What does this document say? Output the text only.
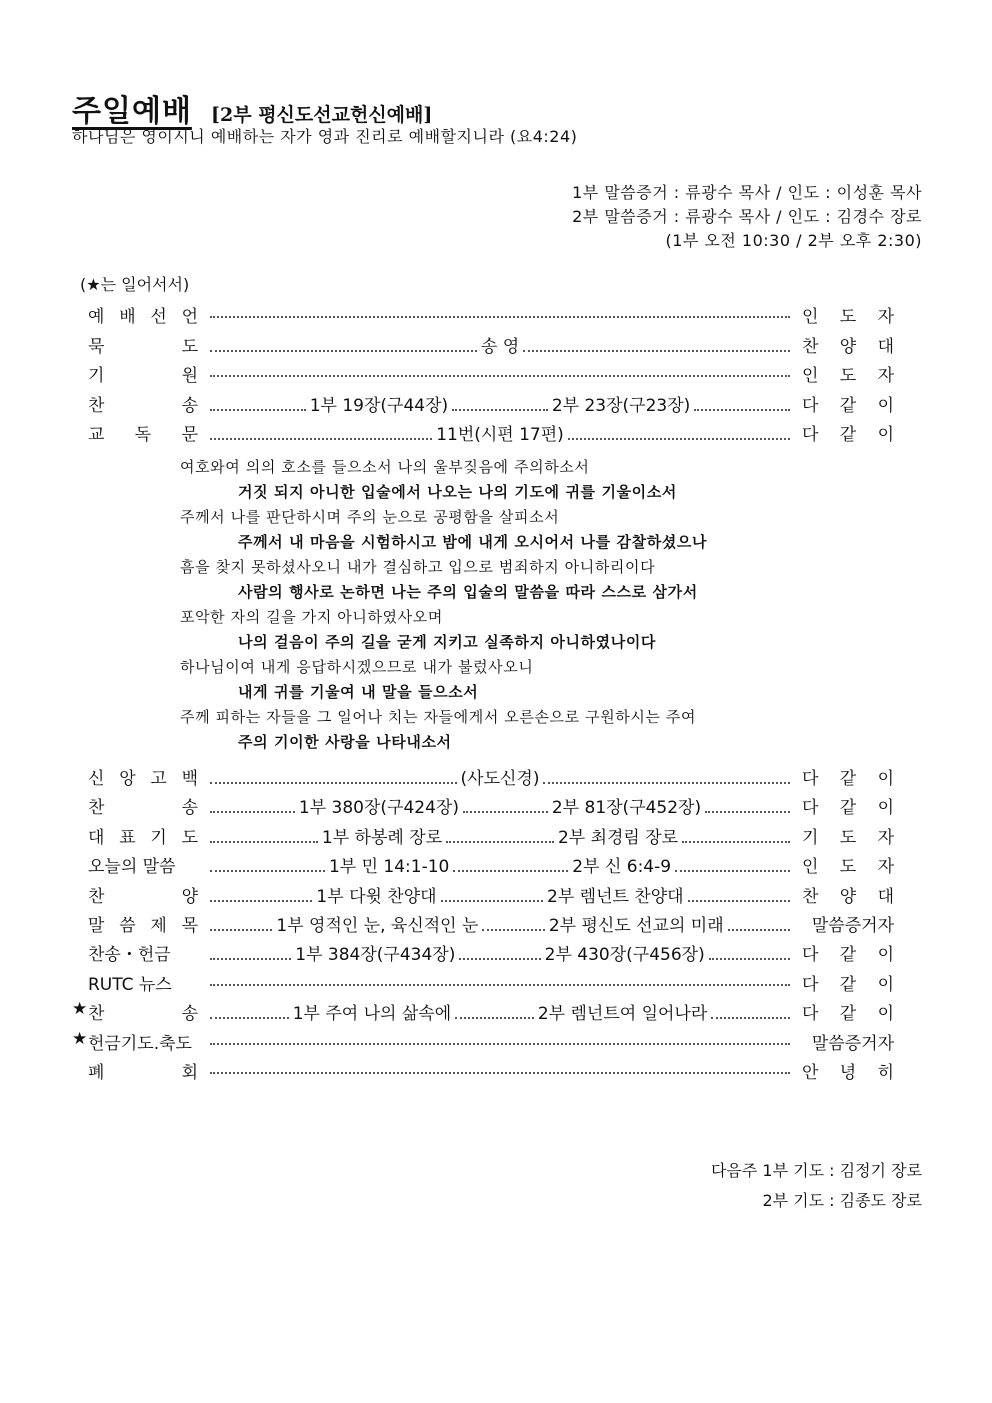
주일예배 [2부 평신도선교헌신예배]
하나님은 영이시니 예배하는 자가 영과 진리로 예배할지니라 (요4:24)
1부 말씀증거 : 류광수 목사 / 인도 : 이성훈 목사
2부 말씀증거 : 류광수 목사 / 인도 : 김경수 장로
(1부 오전 10:30 / 2부 오후 2:30)
(★는 일어서서)
예 배 선 언	인 도 자
묵	도	송 영	찬 양 대
기	원	인 도 자
찬	송	1부 19장(구44장)	2부 23장(구23장)	다 같 이
교 독 문	11번(시편 17편)	다 같 이
여호와여 의의 호소를 들으소서 나의 울부짖음에 주의하소서
거짓 되지 아니한 입술에서 나오는 나의 기도에 귀를 기울이소서
주께서 나를 판단하시며 주의 눈으로 공평함을 살피소서
주께서 내 마음을 시험하시고 밤에 내게 오시어서 나를 감찰하셨으나
흠을 찾지 못하셨사오니 내가 결심하고 입으로 범죄하지 아니하리이다
사람의 행사로 논하면 나는 주의 입술의 말씀을 따라 스스로 삼가서
포악한 자의 길을 가지 아니하였사오며
나의 걸음이 주의 길을 굳게 지키고 실족하지 아니하였나이다
하나님이여 내게 응답하시겠으므로 내가 불렀사오니
내게 귀를 기울여 내 말을 들으소서
주께 피하는 자들을 그 일어나 치는 자들에게서 오른손으로 구원하시는 주여
주의 기이한 사랑을 나타내소서
신 앙 고 백	(사도신경)	다 같 이
찬	송	1부 380장(구424장)	2부 81장(구452장)	다 같 이
대 표 기 도	1부 하봉례 장로	2부 최경림 장로	기 도 자
오늘의 말씀	1부 민 14:1-10	2부 신 6:4-9	인 도 자
찬	양	1부 다윗 찬양대	2부 렘넌트 찬양대	찬 양 대
말 씀 제 목	1부 영적인 눈, 육신적인 눈	2부 평신도 선교의 미래	말씀증거자
찬송・헌금	1부 384장(구434장)	2부 430장(구456장)	다 같 이
RUTC 뉴스	다 같 이
★ 찬	송	1부 주여 나의 삶속에	2부 렘넌트여 일어나라	다 같 이
★ 헌금기도.축도	말씀증거자
폐	회	안 녕 히
다음주 1부 기도 : 김정기 장로
2부 기도 : 김종도 장로
